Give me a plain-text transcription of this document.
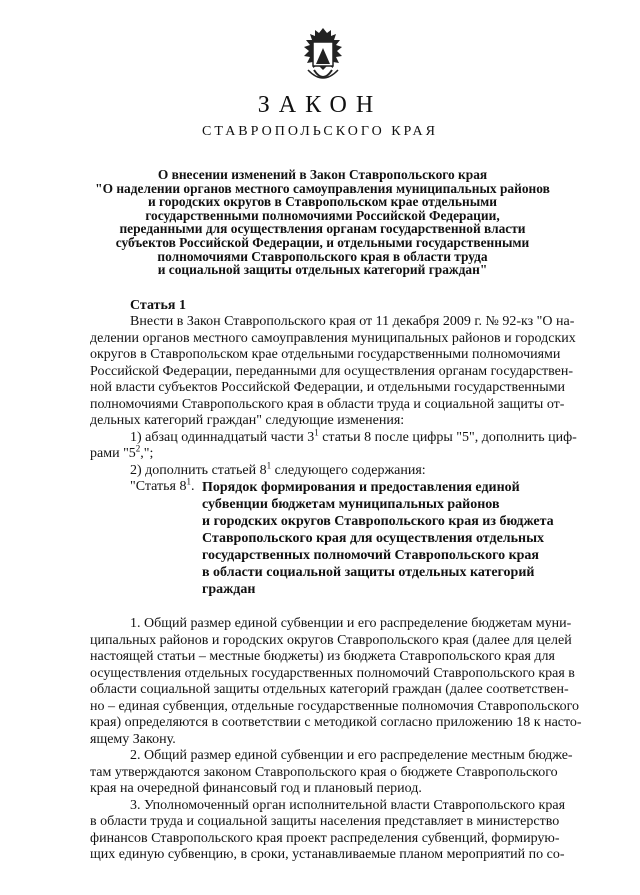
ЗАКОН
СТАВРОПОЛЬСКОГО КРАЯ
О внесении изменений в Закон Ставропольского края
"О наделении органов местного самоуправления муниципальных районов
и городских округов в Ставропольском крае отдельными
государственными полномочиями Российской Федерации,
переданными для осуществления органам государственной власти
субъектов Российской Федерации, и отдельными государственными
полномочиями Ставропольского края в области труда
и социальной защиты отдельных категорий граждан"
Статья 1

Внести в Закон Ставропольского края от 11 декабря 2009 г. № 92-кз "О на-

делении органов местного самоуправления муниципальных районов и городских
округов в Ставропольском крае отдельными государственными полномочиями
Российской Федерации, переданными для осуществления органам государствен-
ной власти субъектов Российской Федерации, и отдельными государственными
полномочиями Ставропольского края в области труда и социальной защиты от-
дельных категорий граждан" следующие изменения:
1) абзац одиннадцатый части $3^1$ статьи 8 после цифры "5", дополнить циф-
рами "$5^2$,";
2) дополнить статьей $8^1$ следующего содержания:
"Статья $8^1$. Порядок формирования и предоставления единой
субвенции бюджетам муниципальных районов
и городских округов Ставропольского края из бюджета
Ставропольского края для осуществления отдельных
государственных полномочий Ставропольского края
в области социальной защиты отдельных категорий
граждан
1. Общий размер единой субвенции и его распределение бюджетам муни-
ципальных районов и городских округов Ставропольского края (далее для целей
настоящей статьи – местные бюджеты) из бюджета Ставропольского края для
осуществления отдельных государственных полномочий Ставропольского края в
области социальной защиты отдельных категорий граждан (далее соответствен-
но – единая субвенция, отдельные государственные полномочия Ставропольского
края) определяются в соответствии с методикой согласно приложению 18 к насто-
ящему Закону.
2. Общий размер единой субвенции и его распределение местным бюдже-
там утверждаются законом Ставропольского края о бюджете Ставропольского
края на очередной финансовый год и плановый период.
3. Уполномоченный орган исполнительной власти Ставропольского края
в области труда и социальной защиты населения представляет в министерство
финансов Ставропольского края проект распределения субвенций, формирую-
щих единую субвенцию, в сроки, устанавливаемые планом мероприятий по со-
